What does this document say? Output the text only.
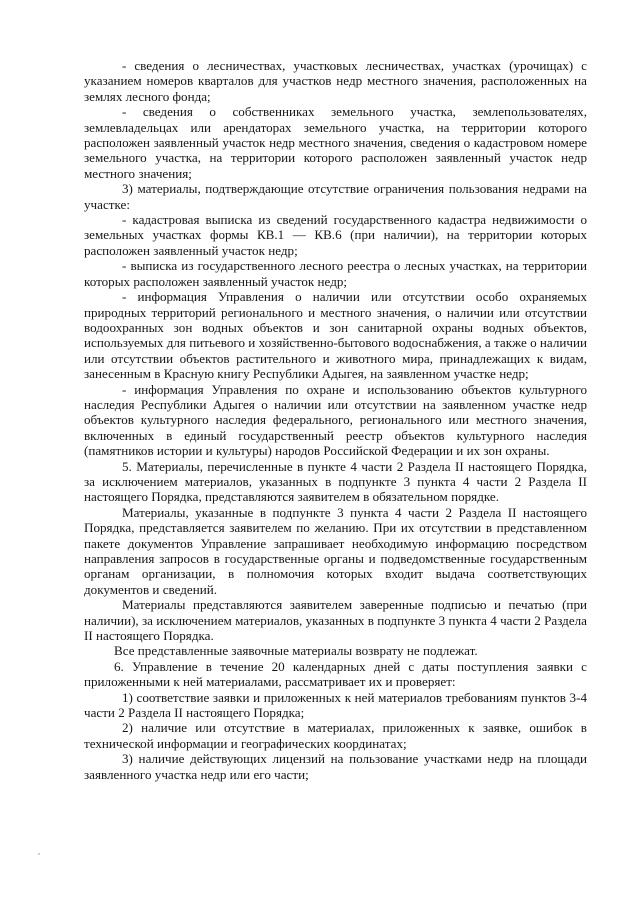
- сведения о лесничествах, участковых лесничествах, участках (урочищах) с указанием номеров кварталов для участков недр местного значения, расположенных на землях лесного фонда;

- сведения о собственниках земельного участка, землепользователях, землевладельцах или арендаторах земельного участка, на территории которого расположен заявленный участок недр местного значения, сведения о кадастровом номере земельного участка, на территории которого расположен заявленный участок недр местного значения;

3) материалы, подтверждающие отсутствие ограничения пользования недрами на участке:

- кадастровая выписка из сведений государственного кадастра недвижимости о земельных участках формы КВ.1 — КВ.6 (при наличии), на территории которых расположен заявленный участок недр;

- выписка из государственного лесного реестра о лесных участках, на территории которых расположен заявленный участок недр;

- информация Управления о наличии или отсутствии особо охраняемых природных территорий регионального и местного значения, о наличии или отсутствии водоохранных зон водных объектов и зон санитарной охраны водных объектов, используемых для питьевого и хозяйственно-бытового водоснабжения, а также о наличии или отсутствии объектов растительного и животного мира, принадлежащих к видам, занесенным в Красную книгу Республики Адыгея, на заявленном участке недр;

- информация Управления по охране и использованию объектов культурного наследия Республики Адыгея о наличии или отсутствии на заявленном участке недр объектов культурного наследия федерального, регионального или местного значения, включенных в единый государственный реестр объектов культурного наследия (памятников истории и культуры) народов Российской Федерации и их зон охраны.

5. Материалы, перечисленные в пункте 4 части 2 Раздела II настоящего Порядка, за исключением материалов, указанных в подпункте 3 пункта 4 части 2 Раздела II настоящего Порядка, представляются заявителем в обязательном порядке.

Материалы, указанные в подпункте 3 пункта 4 части 2 Раздела II настоящего Порядка, представляется заявителем по желанию. При их отсутствии в представленном пакете документов Управление запрашивает необходимую информацию посредством направления запросов в государственные органы и подведомственные государственным органам организации, в полномочия которых входит выдача соответствующих документов и сведений.

Материалы представляются заявителем заверенные подписью и печатью (при наличии), за исключением материалов, указанных в подпункте 3 пункта 4 части 2 Раздела II настоящего Порядка.

Все представленные заявочные материалы возврату не подлежат.

6. Управление в течение 20 календарных дней с даты поступления заявки с приложенными к ней материалами, рассматривает их и проверяет:

1) соответствие заявки и приложенных к ней материалов требованиям пунктов 3-4 части 2 Раздела II настоящего Порядка;

2) наличие или отсутствие в материалах, приложенных к заявке, ошибок в технической информации и географических координатах;

3) наличие действующих лицензий на пользование участками недр на площади заявленного участка недр или его части;
